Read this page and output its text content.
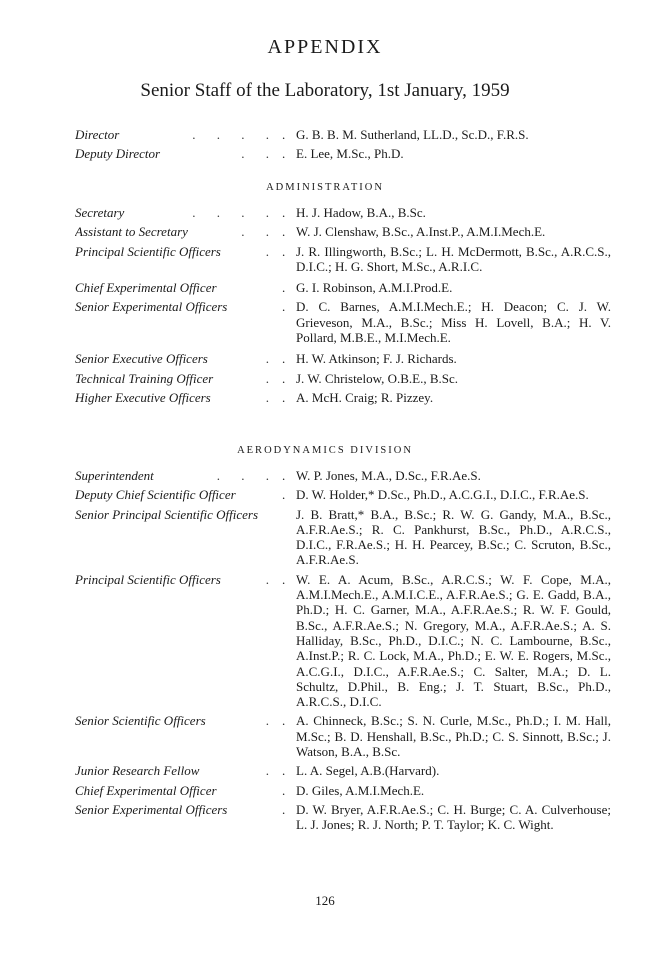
APPENDIX
Senior Staff of the Laboratory, 1st January, 1959
Director	. . . . . G. B. B. M. Sutherland, LL.D., Sc.D., F.R.S.
Deputy Director	. . . E. Lee, M.Sc., Ph.D.
ADMINISTRATION
Secretary	. . . . . H. J. Hadow, B.A., B.Sc.
Assistant to Secretary	. . . W. J. Clenshaw, B.Sc., A.Inst.P., A.M.I.Mech.E.
Principal Scientific Officers	. . J. R. Illingworth, B.Sc.; L. H. McDermott, B.Sc., A.R.C.S., D.I.C.; H. G. Short, M.Sc., A.R.I.C.
Chief Experimental Officer	. G. I. Robinson, A.M.I.Prod.E.
Senior Experimental Officers	. D. C. Barnes, A.M.I.Mech.E.; H. Deacon; C. J. W. Grieveson, M.A., B.Sc.; Miss H. Lovell, B.A.; H. V. Pollard, M.B.E., M.I.Mech.E.
Senior Executive Officers	. . H. W. Atkinson; F. J. Richards.
Technical Training Officer	. . J. W. Christelow, O.B.E., B.Sc.
Higher Executive Officers	. . A. McH. Craig; R. Pizzey.
AERODYNAMICS DIVISION
Superintendent	. . . . W. P. Jones, M.A., D.Sc., F.R.Ae.S.
Deputy Chief Scientific Officer	. D. W. Holder,* D.Sc., Ph.D., A.C.G.I., D.I.C., F.R.Ae.S.
Senior Principal Scientific Officers	J. B. Bratt,* B.A., B.Sc.; R. W. G. Gandy, M.A., B.Sc., A.F.R.Ae.S.; R. C. Pankhurst, B.Sc., Ph.D., A.R.C.S., D.I.C., F.R.Ae.S.; H. H. Pearcey, B.Sc.; C. Scruton, B.Sc., A.F.R.Ae.S.
Principal Scientific Officers	. . W. E. A. Acum, B.Sc., A.R.C.S.; W. F. Cope, M.A., A.M.I.Mech.E., A.M.I.C.E., A.F.R.Ae.S.; G. E. Gadd, B.A., Ph.D.; H. C. Garner, M.A., A.F.R.Ae.S.; R. W. F. Gould, B.Sc., A.F.R.Ae.S.; N. Gregory, M.A., A.F.R.Ae.S.; A. S. Halliday, B.Sc., Ph.D., D.I.C.; N. C. Lambourne, B.Sc., A.Inst.P.; R. C. Lock, M.A., Ph.D.; E. W. E. Rogers, M.Sc., A.C.G.I., D.I.C., A.F.R.Ae.S.; C. Salter, M.A.; D. L. Schultz, D.Phil., B. Eng.; J. T. Stuart, B.Sc., Ph.D., A.R.C.S., D.I.C.
Senior Scientific Officers	. . A. Chinneck, B.Sc.; S. N. Curle, M.Sc., Ph.D.; I. M. Hall, M.Sc.; B. D. Henshall, B.Sc., Ph.D.; C. S. Sinnott, B.Sc.; J. Watson, B.A., B.Sc.
Junior Research Fellow	. . L. A. Segel, A.B.(Harvard).
Chief Experimental Officer	. D. Giles, A.M.I.Mech.E.
Senior Experimental Officers	. D. W. Bryer, A.F.R.Ae.S.; C. H. Burge; C. A. Culverhouse; L. J. Jones; R. J. North; P. T. Taylor; K. C. Wight.
126
